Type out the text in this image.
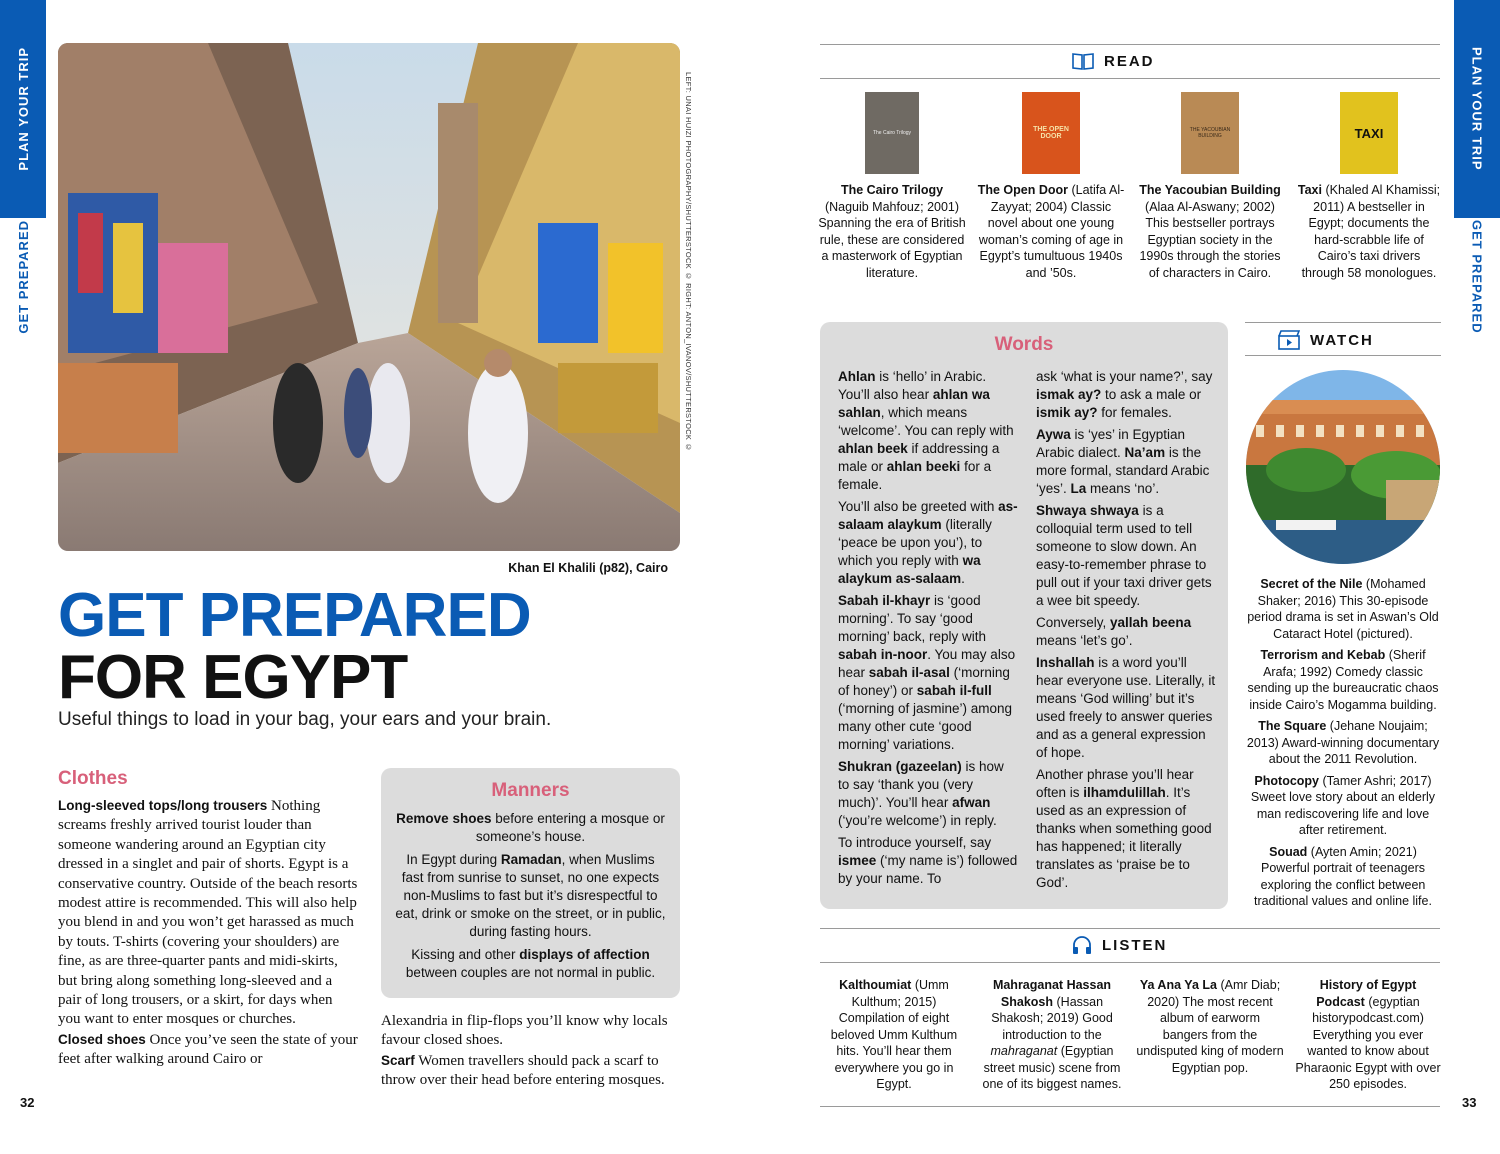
PLAN YOUR TRIP
GET PREPARED	LEFT: UNAI HUIZI PHOTOGRAPHY/SHUTTERSTOCK © RIGHT: ANTON_IVANOV/SHUTTERSTOCK ©
Khan El Khalili (p82), Cairo
GET PREPARED
FOR EGYPT
Useful things to load in your bag, your ears and your brain.
Clothes
Long-sleeved tops/long trousers Nothing screams freshly arrived tourist louder than someone wandering around an Egyptian city dressed in a singlet and pair of shorts. Egypt is a conservative country. Outside of the beach resorts modest attire is recommended. This will also help you blend in and you won’t get harassed as much by touts. T-shirts (covering your shoulders) are fine, as are three-quarter pants and midi-skirts, but bring along something long-sleeved and a pair of long trousers, or a skirt, for days when you want to enter mosques or churches.
Closed shoes Once you’ve seen the state of your feet after walking around Cairo or
32
Manners

Remove shoes before entering a mosque or someone’s house.

In Egypt during Ramadan, when Muslims fast from sunrise to sunset, no one expects non-Muslims to fast but it’s disrespectful to eat, drink or smoke on the street, or in public, during fasting hours.

Kissing and other displays of affection between couples are not normal in public.

Alexandria in flip-flops you’ll know why locals favour closed shoes.
Scarf Women travellers should pack a scarf to throw over their head before entering mosques.
PLAN YOUR TRIP
GET PREPARED
READ
The Cairo Trilogy

The Cairo Trilogy (Naguib Mahfouz; 2001) Spanning the era of British rule, these are considered a masterwork of Egyptian literature.

THE OPEN DOOR

The Open Door (Latifa Al-Zayyat; 2004) Classic novel about one young woman’s coming of age in Egypt’s tumultuous 1940s and ’50s.

THE YACOUBIAN BUILDING

The Yacoubian Building (Alaa Al-Aswany; 2002) This bestseller portrays Egyptian society in the 1990s through the stories of characters in Cairo.

TAXI

Taxi (Khaled Al Khamissi; 2011) A bestseller in Egypt; documents the hard-scrabble life of Cairo’s taxi drivers through 58 monologues.

Words

Ahlan is ‘hello’ in Arabic. You’ll also hear ahlan wa sahlan, which means ‘welcome’. You can reply with ahlan beek if addressing a male or ahlan beeki for a female.

You’ll also be greeted with as-salaam alaykum (literally ‘peace be upon you’), to which you reply with wa alaykum as-salaam.

Sabah il-khayr is ‘good morning’. To say ‘good morning’ back, reply with sabah in-noor. You may also hear sabah il-asal (‘morning of honey’) or sabah il-full (‘morning of jasmine’) among many other cute ‘good morning’ variations.

Shukran (gazeelan) is how to say ‘thank you (very much)’. You’ll hear afwan (‘you’re welcome’) in reply.

To introduce yourself, say ismee (‘my name is’) followed by your name. To

ask ‘what is your name?’, say ismak ay? to ask a male or ismik ay? for females.

Aywa is ‘yes’ in Egyptian Arabic dialect. Na’am is the more formal, standard Arabic ‘yes’. La means ‘no’.

Shwaya shwaya is a colloquial term used to tell someone to slow down. An easy-to-remember phrase to pull out if your taxi driver gets a wee bit speedy.

Conversely, yallah beena means ‘let’s go’.

Inshallah is a word you’ll hear everyone use. Literally, it means ‘God willing’ but it’s used freely to answer queries and as a general expression of hope.

Another phrase you’ll hear often is ilhamdulillah. It’s used as an expression of thanks when something good has happened; it literally translates as ‘praise be to God’.

WATCH

Secret of the Nile (Mohamed Shaker; 2016) This 30-episode period drama is set in Aswan’s Old Cataract Hotel (pictured).

Terrorism and Kebab (Sherif Arafa; 1992) Comedy classic sending up the bureaucratic chaos inside Cairo’s Mogamma building.

The Square (Jehane Noujaim; 2013) Award-winning documentary about the 2011 Revolution.

Photocopy (Tamer Ashri; 2017) Sweet love story about an elderly man rediscovering life and love after retirement.

Souad (Ayten Amin; 2021) Powerful portrait of teenagers exploring the conflict between traditional values and online life.

LISTEN

Kalthoumiat (Umm Kulthum; 2015) Compilation of eight beloved Umm Kulthum hits. You’ll hear them everywhere you go in Egypt.

Mahraganat Hassan Shakosh (Hassan Shakosh; 2019) Good introduction to the mahraganat (Egyptian street music) scene from one of its biggest names.

Ya Ana Ya La (Amr Diab; 2020) The most recent album of earworm bangers from the undisputed king of modern Egyptian pop.

History of Egypt Podcast (egyptian historypodcast.com) Everything you ever wanted to know about Pharaonic Egypt with over 250 episodes.

33
